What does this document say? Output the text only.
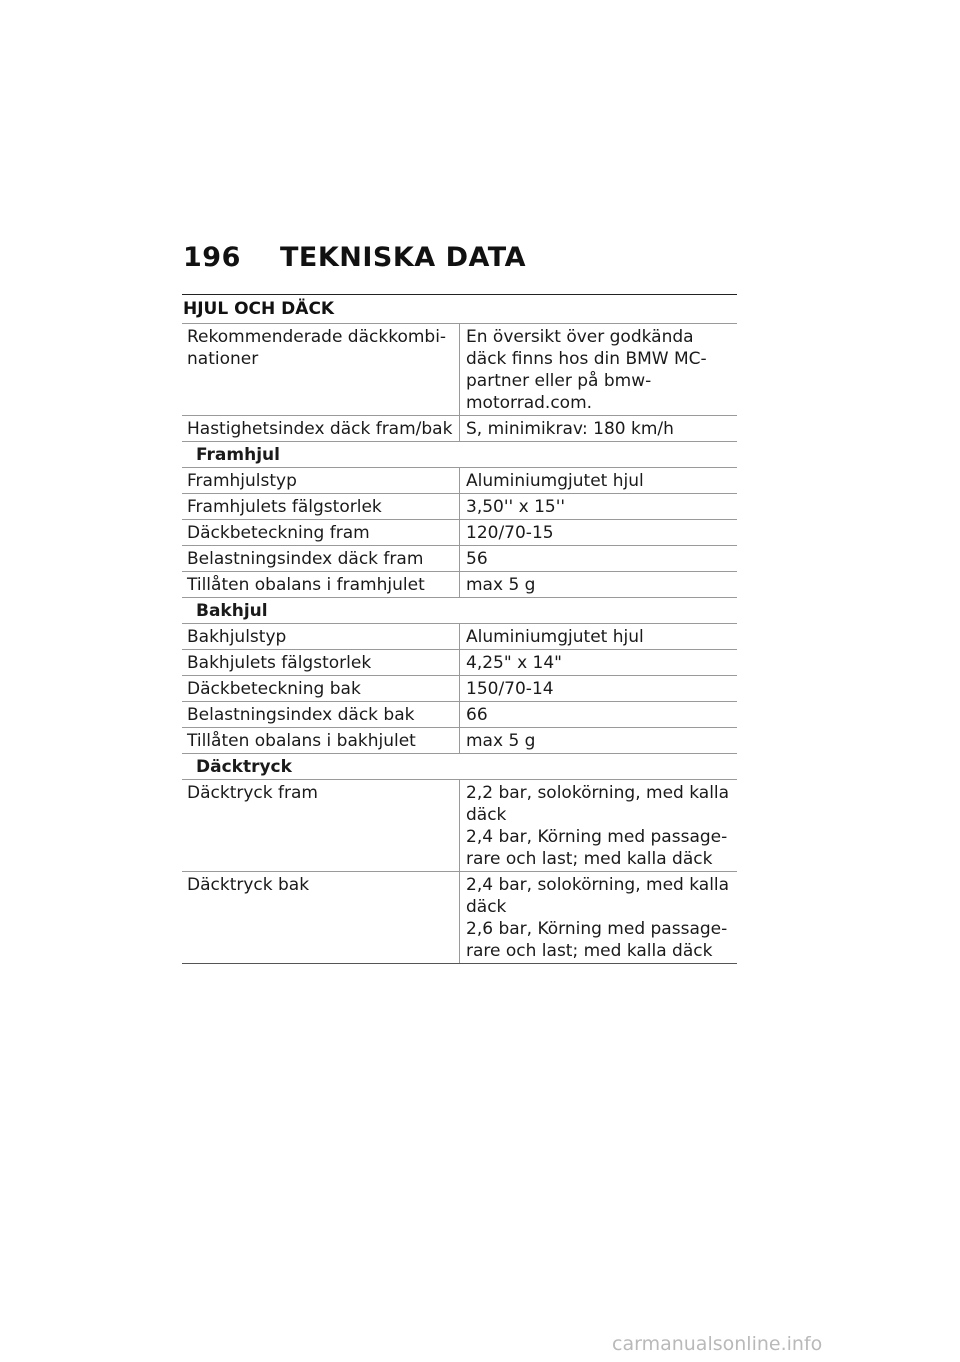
196	TEKNISKA DATA
HJUL OCH DÄCK
Rekommenderade däckkombi-
nationer	En översikt över godkända
däck finns hos din BMW MC-
partner eller på bmw-
motorrad.com.
Hastighetsindex däck fram/bak	S, minimikrav: 180 km/h
Framhjul	
Framhjulstyp	Aluminiumgjutet hjul
Framhjulets fälgstorlek	3,50'' x 15''
Däckbeteckning fram	120/70-15
Belastningsindex däck fram	56
Tillåten obalans i framhjulet	max 5 g
Bakhjul	
Bakhjulstyp	Aluminiumgjutet hjul
Bakhjulets fälgstorlek	4,25" x 14"
Däckbeteckning bak	150/70-14
Belastningsindex däck bak	66
Tillåten obalans i bakhjulet	max 5 g
Däcktryck	
Däcktryck fram	2,2 bar, solokörning, med kalla
däck
2,4 bar, Körning med passage-
rare och last; med kalla däck

Däcktryck bak	2,4 bar, solokörning, med kalla
däck
2,6 bar, Körning med passage-
rare och last; med kalla däck
carmanualsonline.info
